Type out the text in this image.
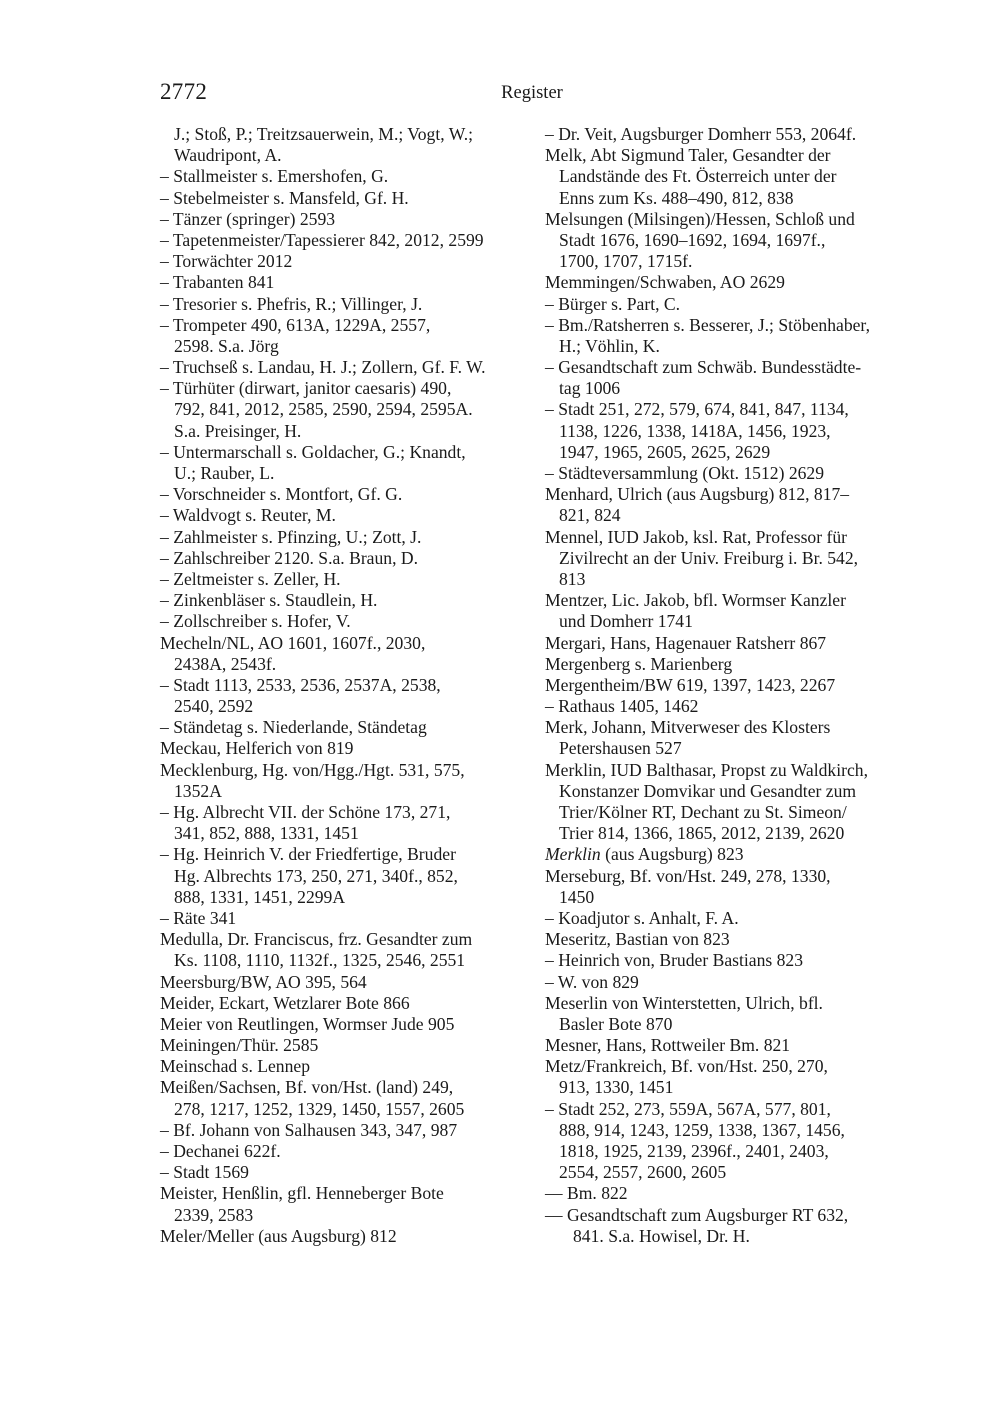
2772	Register
J.; Stoß, P.; Treitzsauerwein, M.; Vogt, W.;
Waudripont, A.
– Stallmeister s. Emershofen, G.
– Stebelmeister s. Mansfeld, Gf. H.
– Tänzer (springer) 2593
– Tapetenmeister/Tapessierer 842, 2012, 2599
– Torwächter 2012
– Trabanten 841
– Tresorier s. Phefris, R.; Villinger, J.
– Trompeter 490, 613A, 1229A, 2557,
2598. S.a. Jörg
– Truchseß s. Landau, H. J.; Zollern, Gf. F. W.
– Türhüter (dirwart, janitor caesaris) 490,
792, 841, 2012, 2585, 2590, 2594, 2595A.
S.a. Preisinger, H.
– Untermarschall s. Goldacher, G.; Knandt,
U.; Rauber, L.
– Vorschneider s. Montfort, Gf. G.
– Waldvogt s. Reuter, M.
– Zahlmeister s. Pfinzing, U.; Zott, J.
– Zahlschreiber 2120. S.a. Braun, D.
– Zeltmeister s. Zeller, H.
– Zinkenbläser s. Staudlein, H.
– Zollschreiber s. Hofer, V.
Mecheln/NL, AO 1601, 1607f., 2030,
2438A, 2543f.
– Stadt 1113, 2533, 2536, 2537A, 2538,
2540, 2592
– Ständetag s. Niederlande, Ständetag
Meckau, Helferich von 819
Mecklenburg, Hg. von/Hgg./Hgt. 531, 575,
1352A
– Hg. Albrecht VII. der Schöne 173, 271,
341, 852, 888, 1331, 1451
– Hg. Heinrich V. der Friedfertige, Bruder
Hg. Albrechts 173, 250, 271, 340f., 852,
888, 1331, 1451, 2299A
– Räte 341
Medulla, Dr. Franciscus, frz. Gesandter zum
Ks. 1108, 1110, 1132f., 1325, 2546, 2551
Meersburg/BW, AO 395, 564
Meider, Eckart, Wetzlarer Bote 866
Meier von Reutlingen, Wormser Jude 905
Meiningen/Thür. 2585
Meinschad s. Lennep
Meißen/Sachsen, Bf. von/Hst. (land) 249,
278, 1217, 1252, 1329, 1450, 1557, 2605
– Bf. Johann von Salhausen 343, 347, 987
– Dechanei 622f.
– Stadt 1569
Meister, Henßlin, gfl. Henneberger Bote
2339, 2583
Meler/Meller (aus Augsburg) 812
– Dr. Veit, Augsburger Domherr 553, 2064f.
Melk, Abt Sigmund Taler, Gesandter der
Landstände des Ft. Österreich unter der
Enns zum Ks. 488–490, 812, 838
Melsungen (Milsingen)/Hessen, Schloß und
Stadt 1676, 1690–1692, 1694, 1697f.,
1700, 1707, 1715f.
Memmingen/Schwaben, AO 2629
– Bürger s. Part, C.
– Bm./Ratsherren s. Besserer, J.; Stöbenhaber,
H.; Vöhlin, K.
– Gesandtschaft zum Schwäb. Bundesstädte-
tag 1006
– Stadt 251, 272, 579, 674, 841, 847, 1134,
1138, 1226, 1338, 1418A, 1456, 1923,
1947, 1965, 2605, 2625, 2629
– Städteversammlung (Okt. 1512) 2629
Menhard, Ulrich (aus Augsburg) 812, 817–
821, 824
Mennel, IUD Jakob, ksl. Rat, Professor für
Zivilrecht an der Univ. Freiburg i. Br. 542,
813
Mentzer, Lic. Jakob, bfl. Wormser Kanzler
und Domherr 1741
Mergari, Hans, Hagenauer Ratsherr 867
Mergenberg s. Marienberg
Mergentheim/BW 619, 1397, 1423, 2267
– Rathaus 1405, 1462
Merk, Johann, Mitverweser des Klosters
Petershausen 527
Merklin, IUD Balthasar, Propst zu Waldkirch,
Konstanzer Domvikar und Gesandter zum
Trier/Kölner RT, Dechant zu St. Simeon/
Trier 814, 1366, 1865, 2012, 2139, 2620
Merklin (aus Augsburg) 823
Merseburg, Bf. von/Hst. 249, 278, 1330,
1450
– Koadjutor s. Anhalt, F. A.
Meseritz, Bastian von 823
– Heinrich von, Bruder Bastians 823
– W. von 829
Meserlin von Winterstetten, Ulrich, bfl.
Basler Bote 870
Mesner, Hans, Rottweiler Bm. 821
Metz/Frankreich, Bf. von/Hst. 250, 270,
913, 1330, 1451
– Stadt 252, 273, 559A, 567A, 577, 801,
888, 914, 1243, 1259, 1338, 1367, 1456,
1818, 1925, 2139, 2396f., 2401, 2403,
2554, 2557, 2600, 2605
–– Bm. 822
–– Gesandtschaft zum Augsburger RT 632,
841. S.a. Howisel, Dr. H.
